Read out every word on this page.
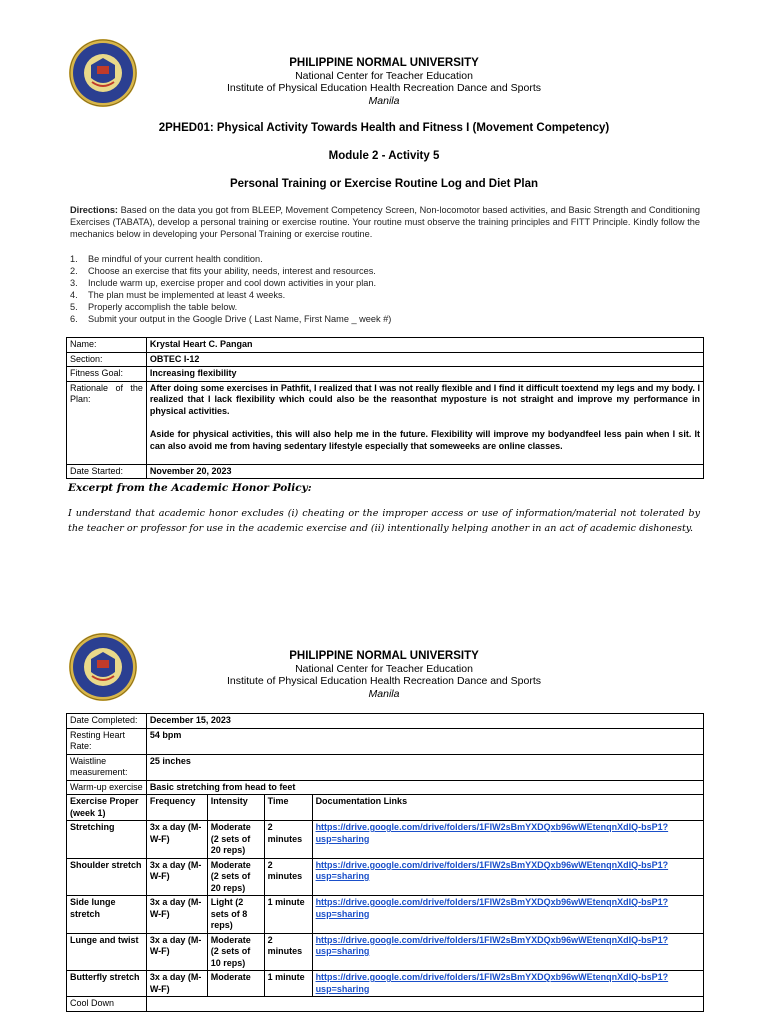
PHILIPPINE NORMAL UNIVERSITY
National Center for Teacher Education
Institute of Physical Education Health Recreation Dance and Sports
Manila
2PHED01: Physical Activity Towards Health and Fitness I (Movement Competency)
Module 2 - Activity 5
Personal Training or Exercise Routine Log and Diet Plan
Directions: Based on the data you got from BLEEP, Movement Competency Screen, Non-locomotor based activities, and Basic Strength and Conditioning Exercises (TABATA), develop a personal training or exercise routine. Your routine must observe the training principles and FITT Principle. Kindly follow the mechanics below in developing your Personal Training or exercise routine.
1. Be mindful of your current health condition.
2. Choose an exercise that fits your ability, needs, interest and resources.
3. Include warm up, exercise proper and cool down activities in your plan.
4. The plan must be implemented at least 4 weeks.
5. Properly accomplish the table below.
6. Submit your output in the Google Drive ( Last Name, First Name _ week #)
Name:	Krystal Heart C. Pangan
Section:	OBTEC I-12
Fitness Goal:	Increasing flexibility
Rationale of the Plan:	After doing some exercises in Pathfit, I realized that I was not really flexible and I find it difficult toextend my legs and my body. I realized that I lack flexibility which could also be the reasonthat myposture is not straight and improve my performance in physical activities.
Aside for physical activities, this will also help me in the future. Flexibility will improve my bodyandfeel less pain when I sit. It can also avoid me from having sedentary lifestyle especially that someweeks are online classes.

Date Started:	November 20, 2023
Excerpt from the Academic Honor Policy:
I understand that academic honor excludes (i) cheating or the improper access or use of information/material not tolerated by the teacher or professor for use in the academic exercise and (ii) intentionally helping another in an act of academic dishonesty.
PHILIPPINE NORMAL UNIVERSITY
National Center for Teacher Education
Institute of Physical Education Health Recreation Dance and Sports
Manila
Date Completed:	December 15, 2023			
Resting Heart Rate:	54 bpm			
Waistline measurement:	25 inches			
Warm-up exercise	Basic stretching from head to feet			
Exercise Proper (week 1)	Frequency	Intensity	Time	Documentation Links
Stretching	3x a day (M-W-F)	Moderate (2 sets of 20 reps)	2 minutes	https://drive.google.com/drive/folders/1FIW2sBmYXDQxb96wWEtenqnXdIQ-bsP1?usp=sharing
Shoulder stretch	3x a day (M-W-F)	Moderate (2 sets of 20 reps)	2 minutes	https://drive.google.com/drive/folders/1FIW2sBmYXDQxb96wWEtenqnXdIQ-bsP1?usp=sharing
Side lunge stretch	3x a day (M-W-F)	Light (2 sets of 8 reps)	1 minute	https://drive.google.com/drive/folders/1FIW2sBmYXDQxb96wWEtenqnXdIQ-bsP1?usp=sharing
Lunge and twist	3x a day (M-W-F)	Moderate (2 sets of 10 reps)	2 minutes	https://drive.google.com/drive/folders/1FIW2sBmYXDQxb96wWEtenqnXdIQ-bsP1?usp=sharing
Butterfly stretch	3x a day (M-W-F)	Moderate	1 minute	https://drive.google.com/drive/folders/1FIW2sBmYXDQxb96wWEtenqnXdIQ-bsP1?usp=sharing
Cool Down				
